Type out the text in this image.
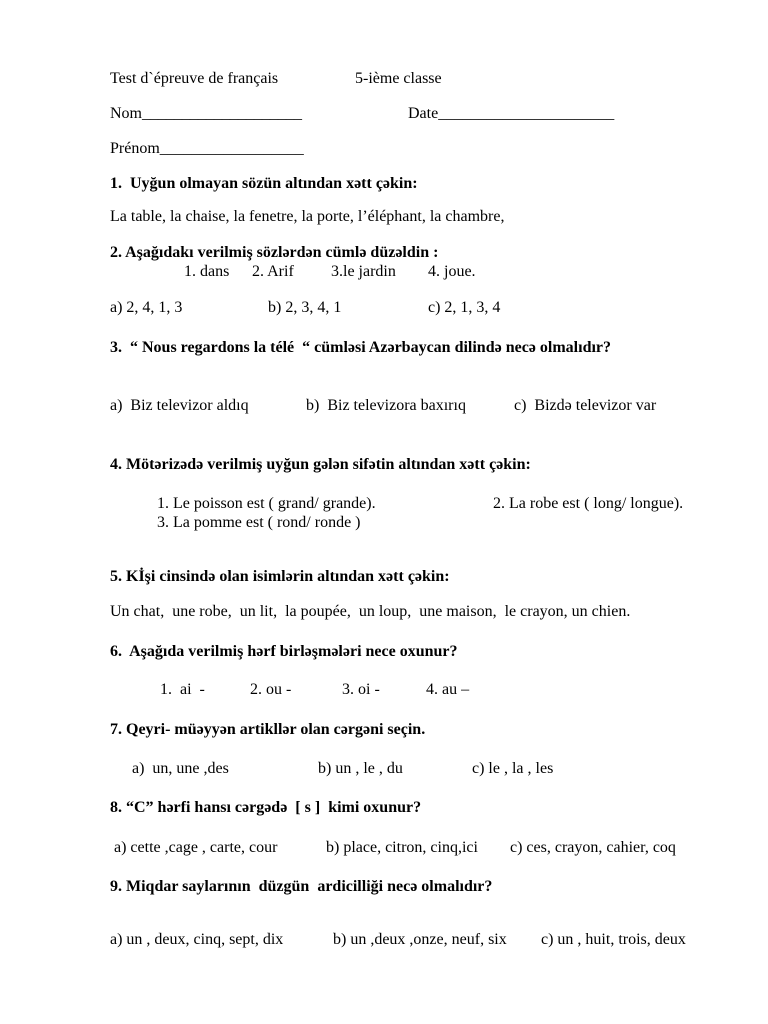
Test d`épreuve de français	5-ième classe
Nom____________________	Date______________________
Prénom__________________
1.  Uyğun olmayan sözün altından xətt çəkin:
La table, la chaise, la fenetre, la porte, l’éléphant, la chambre,
2. Aşağıdakı verilmiş sözlərdən cümlə düzəldin :
1. dans 2. Arif 3.le jardin 4. joue.
a) 2, 4, 1, 3	b) 2, 3, 4, 1	c) 2, 1, 3, 4
3.  “ Nous regardons la télé  “ cümləsi Azərbaycan dilində necə olmalıdır?
a)  Biz televizor aldıq	b)  Biz televizora baxırıq	c)  Bizdə televizor var
4. Mötərizədə verilmiş uyğun gələn sifətin altından xətt çəkin:
1. Le poisson est ( grand/ grande).	2. La robe est ( long/ longue).
3. La pomme est ( rond/ ronde )
5. Kİşi cinsində olan isimlərin altından xətt çəkin:
Un chat,  une robe,  un lit,  la poupée,  un loup,  une maison,  le crayon, un chien.
6.  Aşağıda verilmiş hərf birləşmələri nece oxunur?
1.  ai  -	2. ou -	3. oi -	4. au –
7. Qeyri- müəyyən artikllər olan cərgəni seçin.
a)  un, une ,des	b) un , le , du	c) le , la , les
8. “C” hərfi hansı cərgədə  [ s ]  kimi oxunur?
a) cette ,cage , carte, cour	b) place, citron, cinq,ici c) ces, crayon, cahier, coq
9. Miqdar saylarının  düzgün  ardicilliği necə olmalıdır?
a) un , deux, cinq, sept, dix	b) un ,deux ,onze, neuf, six c) un , huit, trois, deux
